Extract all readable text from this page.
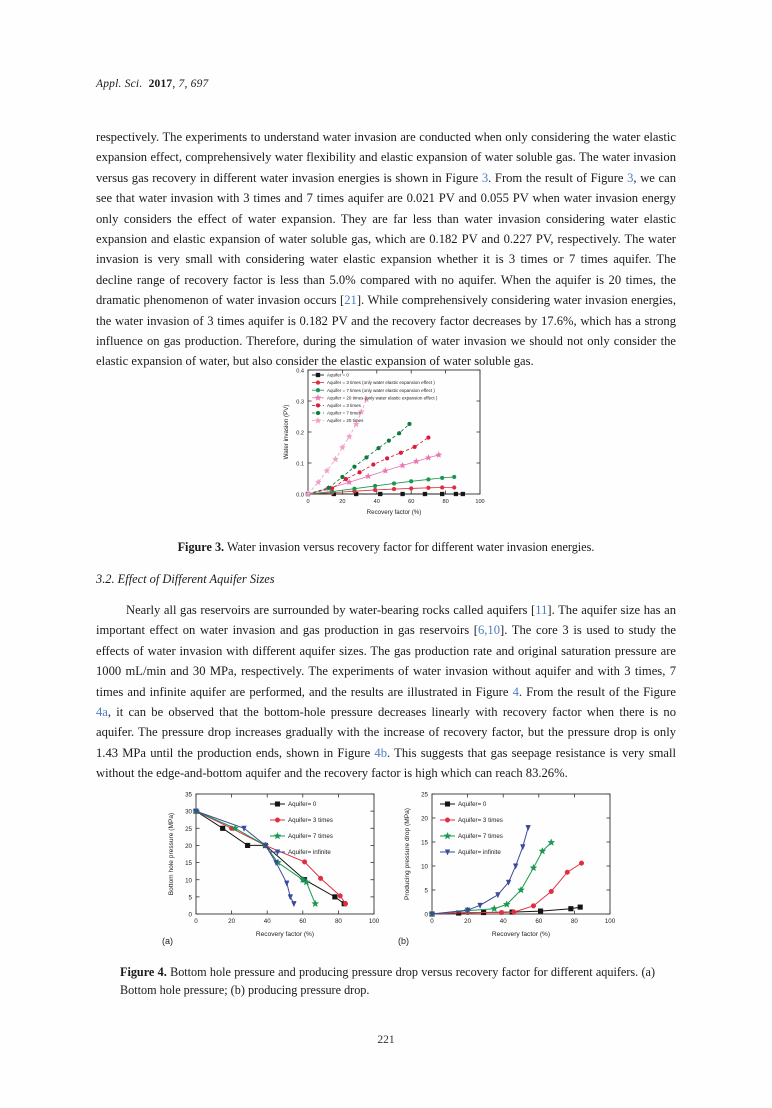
Appl. Sci. 2017, 7, 697
respectively. The experiments to understand water invasion are conducted when only considering the water elastic expansion effect, comprehensively water flexibility and elastic expansion of water soluble gas. The water invasion versus gas recovery in different water invasion energies is shown in Figure 3. From the result of Figure 3, we can see that water invasion with 3 times and 7 times aquifer are 0.021 PV and 0.055 PV when water invasion energy only considers the effect of water expansion. They are far less than water invasion considering water elastic expansion and elastic expansion of water soluble gas, which are 0.182 PV and 0.227 PV, respectively. The water invasion is very small with considering water elastic expansion whether it is 3 times or 7 times aquifer. The decline range of recovery factor is less than 5.0% compared with no aquifer. When the aquifer is 20 times, the dramatic phenomenon of water invasion occurs [21]. While comprehensively considering water invasion energies, the water invasion of 3 times aquifer is 0.182 PV and the recovery factor decreases by 17.6%, which has a strong influence on gas production. Therefore, during the simulation of water invasion we should not only consider the elastic expansion of water, but also consider the elastic expansion of water soluble gas.
0	20	40	60	80	100
0.0
0.1
0.2
0.3
0.4
Recovery factor (%)
Water invasion (PV)
Aquifer = 0
Aquifer = 3 times (only water elastic expansion effect )
Aquifer = 7 times (only water elastic expansion effect )
Aquifer = 20 times (only water elastic expansion effect )
Aquifer = 3 times
Aquifer = 7 times
Aquifer = 20 times
Figure 3. Water invasion versus recovery factor for different water invasion energies.
3.2. Effect of Different Aquifer Sizes
Nearly all gas reservoirs are surrounded by water-bearing rocks called aquifers [11]. The aquifer size has an important effect on water invasion and gas production in gas reservoirs [6,10]. The core 3 is used to study the effects of water invasion with different aquifer sizes. The gas production rate and original saturation pressure are 1000 mL/min and 30 MPa, respectively. The experiments of water invasion without aquifer and with 3 times, 7 times and infinite aquifer are performed, and the results are illustrated in Figure 4. From the result of the Figure 4a, it can be observed that the bottom-hole pressure decreases linearly with recovery factor when there is no aquifer. The pressure drop increases gradually with the increase of recovery factor, but the pressure drop is only 1.43 MPa until the production ends, shown in Figure 4b. This suggests that gas seepage resistance is very small without the edge-and-bottom aquifer and the recovery factor is high which can reach 83.26%.
0	20	40	60	80	100
0
5
10
15
20
25
30
35
Recovery factor (%)
Bottom hole pressure (MPa)
Aquifer= 0
Aquifer= 3 times
Aquifer= 7 times
Aquifer= infinite
(a)
0	20	40	60	80	100
0
5
10
15
20
25
Recovery factor (%)
Producing pressure drop (MPa)
Aquifer= 0
Aquifer= 3 times
Aquifer= 7 times
Aquifer= infinite
(b)
Figure 4. Bottom hole pressure and producing pressure drop versus recovery factor for different aquifers. (a) Bottom hole pressure; (b) producing pressure drop.
221
